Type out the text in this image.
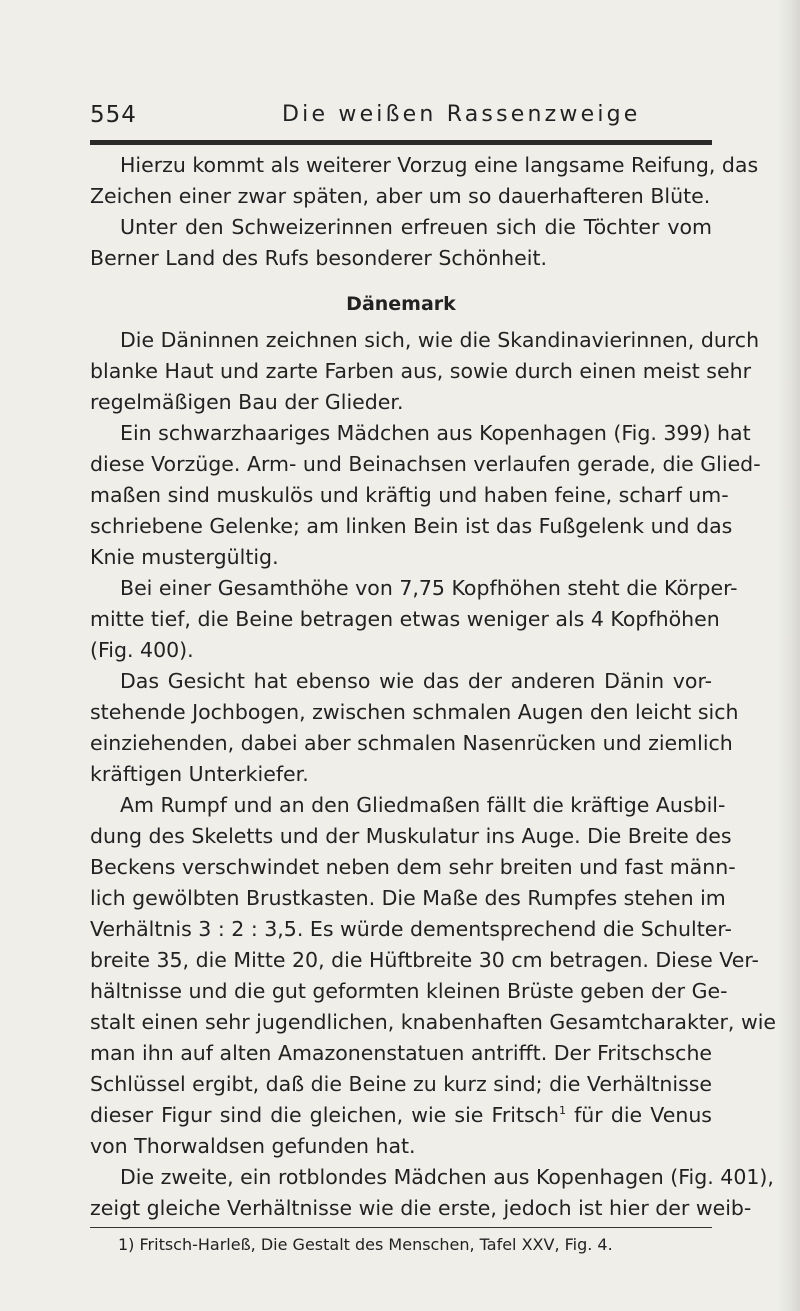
554	Die weißen Rassenzweige
Hierzu kommt als weiterer Vorzug eine langsame Reifung, das
Zeichen einer zwar späten, aber um so dauerhafteren Blüte.
Unter den Schweizerinnen erfreuen sich die Töchter vom
Berner Land des Rufs besonderer Schönheit.
Dänemark
Die Däninnen zeichnen sich, wie die Skandinavierinnen, durch
blanke Haut und zarte Farben aus, sowie durch einen meist sehr
regelmäßigen Bau der Glieder.
Ein schwarzhaariges Mädchen aus Kopenhagen (Fig. 399) hat
diese Vorzüge. Arm- und Beinachsen verlaufen gerade, die Glied-
maßen sind muskulös und kräftig und haben feine, scharf um-
schriebene Gelenke; am linken Bein ist das Fußgelenk und das
Knie mustergültig.
Bei einer Gesamthöhe von 7,75 Kopfhöhen steht die Körper-
mitte tief, die Beine betragen etwas weniger als 4 Kopfhöhen
(Fig. 400).
Das Gesicht hat ebenso wie das der anderen Dänin vor-
stehende Jochbogen, zwischen schmalen Augen den leicht sich
einziehenden, dabei aber schmalen Nasenrücken und ziemlich
kräftigen Unterkiefer.
Am Rumpf und an den Gliedmaßen fällt die kräftige Ausbil-
dung des Skeletts und der Muskulatur ins Auge. Die Breite des
Beckens verschwindet neben dem sehr breiten und fast männ-
lich gewölbten Brustkasten. Die Maße des Rumpfes stehen im
Verhältnis 3 : 2 : 3,5. Es würde dementsprechend die Schulter-
breite 35, die Mitte 20, die Hüftbreite 30 cm betragen. Diese Ver-
hältnisse und die gut geformten kleinen Brüste geben der Ge-
stalt einen sehr jugendlichen, knabenhaften Gesamtcharakter, wie
man ihn auf alten Amazonenstatuen antrifft. Der Fritschsche
Schlüssel ergibt, daß die Beine zu kurz sind; die Verhältnisse
dieser Figur sind die gleichen, wie sie Fritsch$^1$ für die Venus
von Thorwaldsen gefunden hat.
Die zweite, ein rotblondes Mädchen aus Kopenhagen (Fig. 401),
zeigt gleiche Verhältnisse wie die erste, jedoch ist hier der weib-
1) Fritsch-Harleß, Die Gestalt des Menschen, Tafel XXV, Fig. 4.
